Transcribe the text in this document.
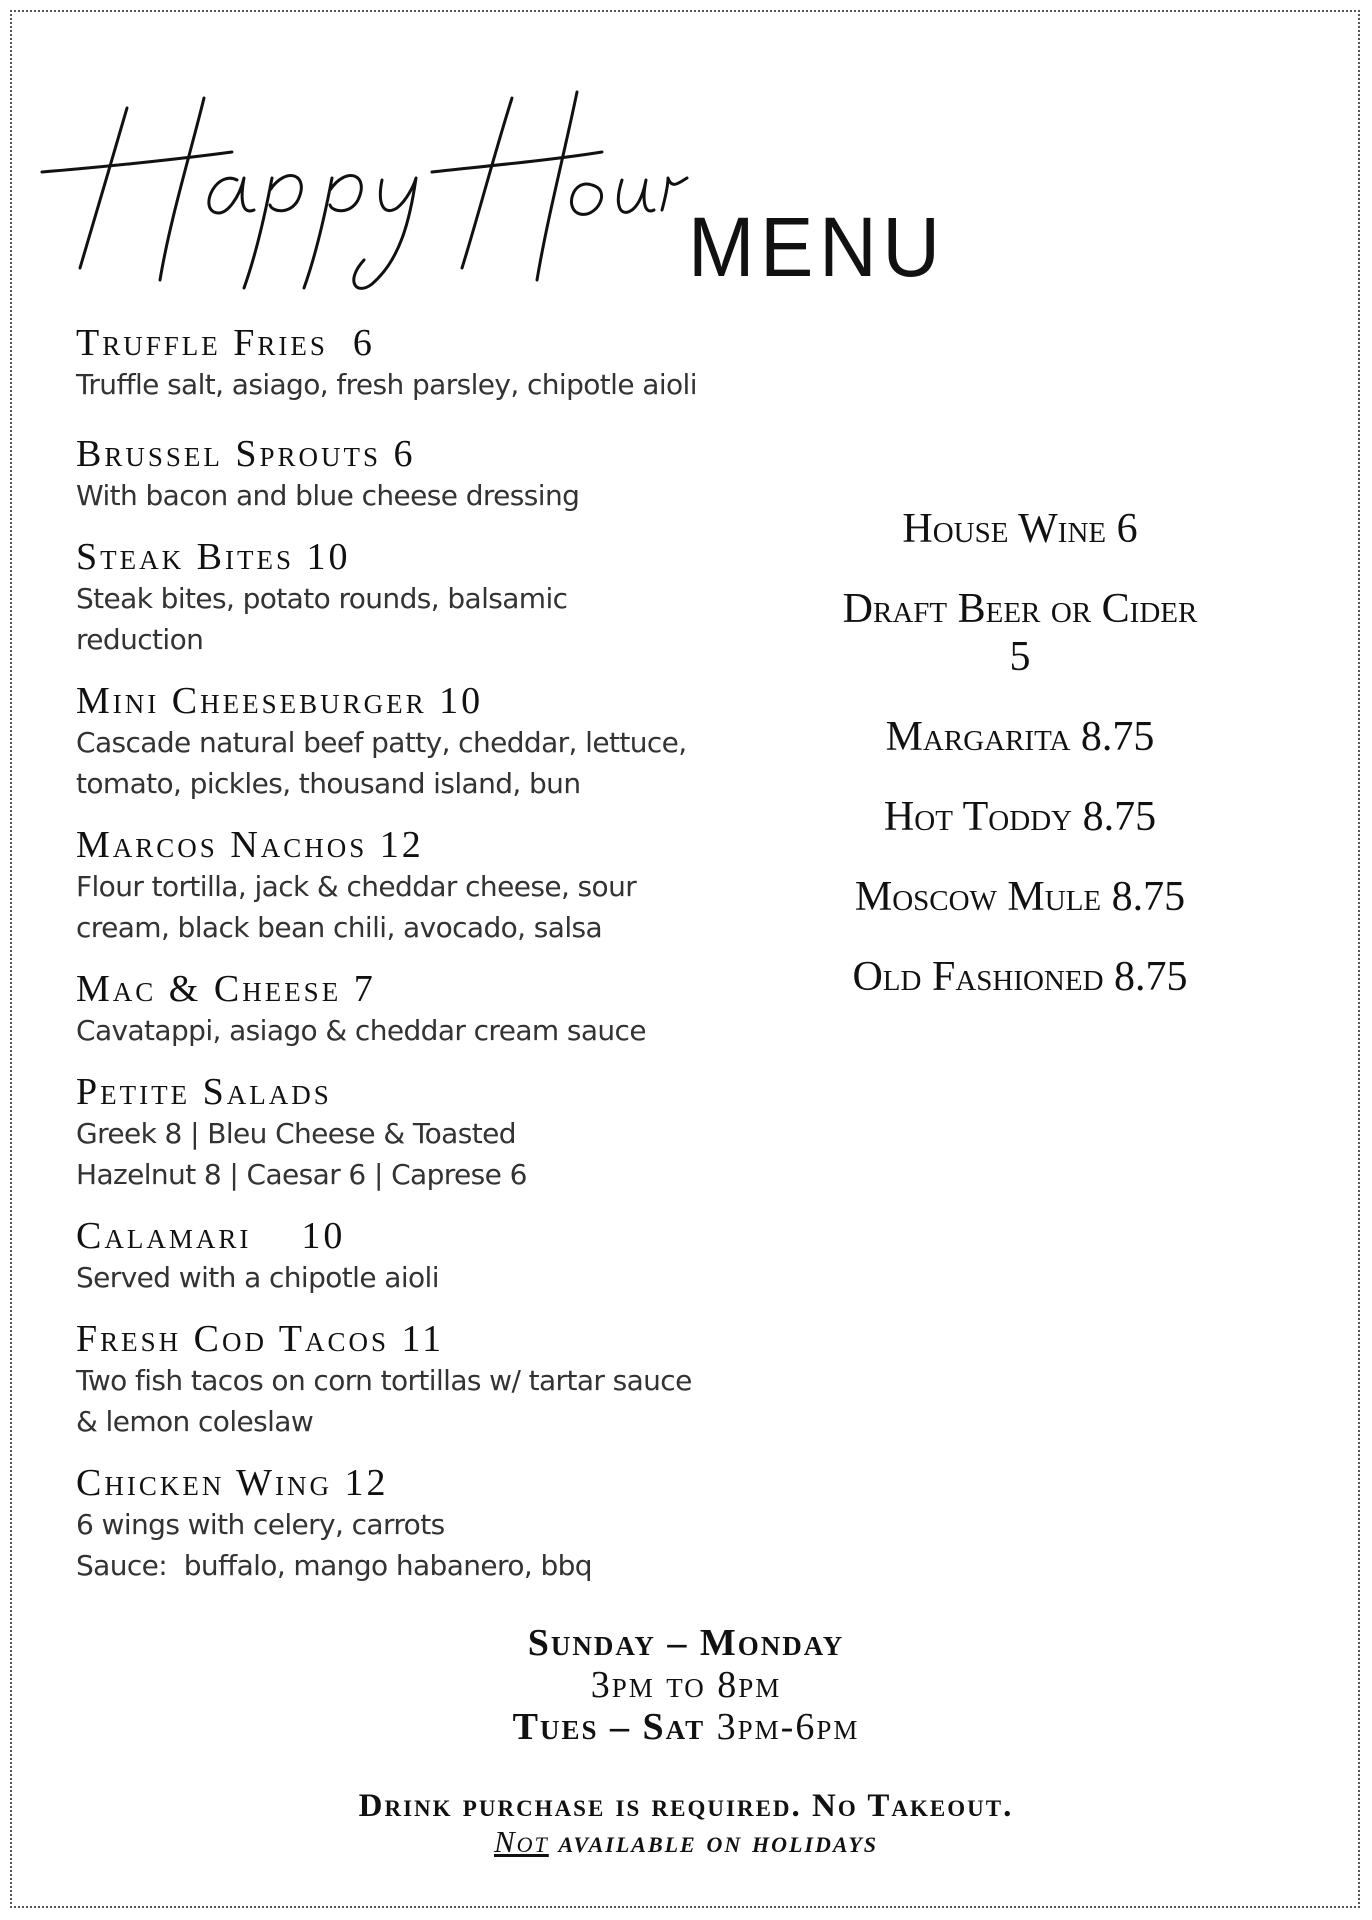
MENU
Truffle Fries  6
Truffle salt, asiago, fresh parsley, chipotle aioli
Brussel Sprouts 6
With bacon and blue cheese dressing
Steak Bites 10
Steak bites, potato rounds, balsamic
reduction
Mini Cheeseburger 10
Cascade natural beef patty, cheddar, lettuce,
tomato, pickles, thousand island, bun
Marcos Nachos 12
Flour tortilla, jack & cheddar cheese, sour
cream, black bean chili, avocado, salsa
Mac & Cheese 7
Cavatappi, asiago & cheddar cream sauce
Petite Salads
Greek 8 | Bleu Cheese & Toasted
Hazelnut 8 | Caesar 6 | Caprese 6
Calamari    10
Served with a chipotle aioli
Fresh Cod Tacos 11
Two fish tacos on corn tortillas w/ tartar sauce
& lemon coleslaw
Chicken Wing 12
6 wings with celery, carrots
Sauce:  buffalo, mango habanero, bbq
House Wine 6
Draft Beer or Cider
5
Margarita 8.75
Hot Toddy 8.75
Moscow Mule 8.75
Old Fashioned 8.75
Sunday – Monday
3pm to 8pm
Tues – Sat 3pm-6pm
Drink purchase is required. No Takeout.
Not available on holidays
